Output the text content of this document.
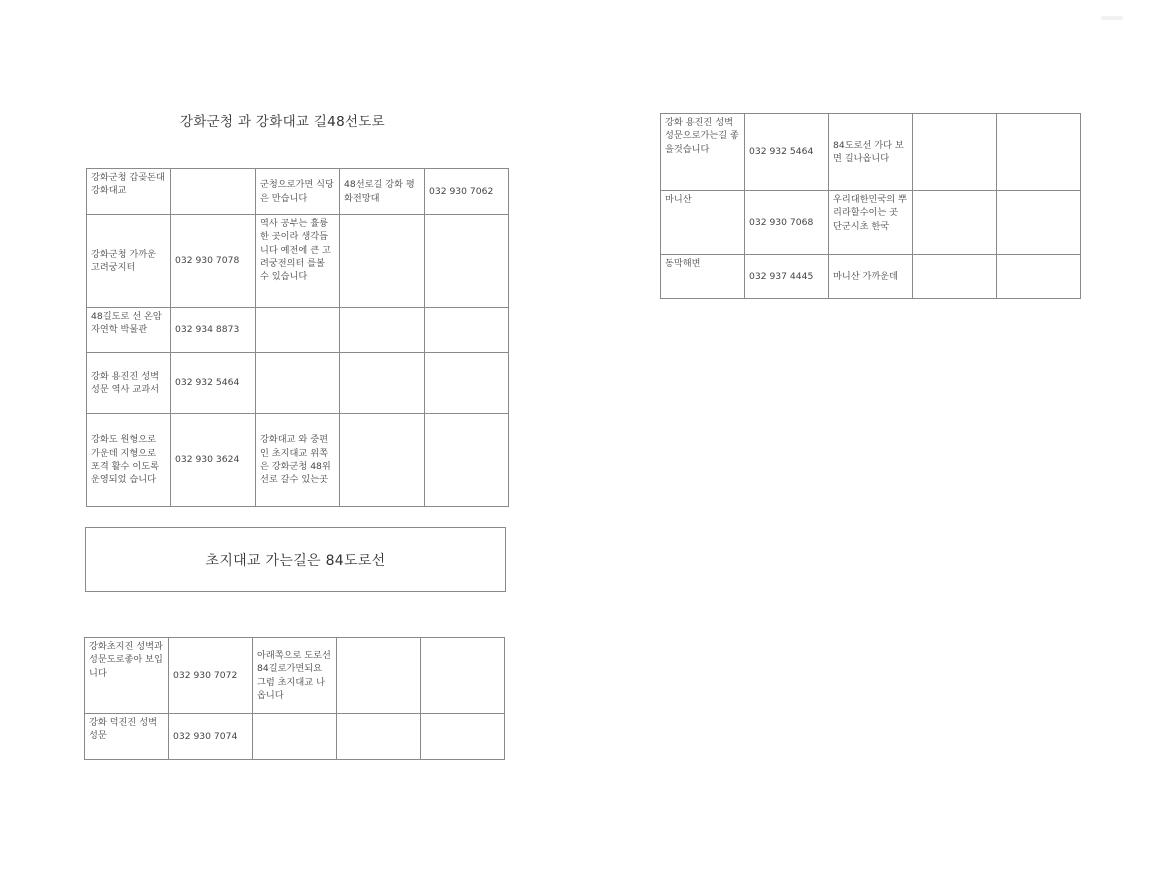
강화군청 과 강화대교 길48선도로
강화군청 갑곶돈대 강화대교		군청으로가면 식당은 만습니다	48선로길 강화 평화전망대	032 930 7062
강화군청 가까운 고려궁지터	032 930 7078	역사 공부는 휼륭한 곳이라 생각듭니다 예전에 큰 고려궁전의터 를볼 수 있습니다		
48길도로 선 온암자연학 박물관	032 934 8873			
강화 용진진 성벽 성문 역사 교과서	032 932 5464			
강화도 원형으로 가운데 지형으로 포격 활수 이도록 운영되었 습니다	032 930 3624	강화대교 와 중편인 초지대교 위쪽은 강화군청 48위선로 갈수 있는곳		
초지대교 가는길은 84도로선
강화초지진 성벽과 성문도로좋아 보입니다	032 930 7072	아래쪽으로 도로선84길로가면되요 그럼 초지대교 나옵니다		
강화 덕진진 성벽 성문	032 930 7074			
강화 용진진 성벽 성문으로가는길 좋을것습니다	032 932 5464	84도로선 가다 보면 길나옵니다		
마니산	032 930 7068	우리대한민국의 뿌리라할수이는 곳 단군시초 한국		
동막해변	032 937 4445	마니산 가까운데		
